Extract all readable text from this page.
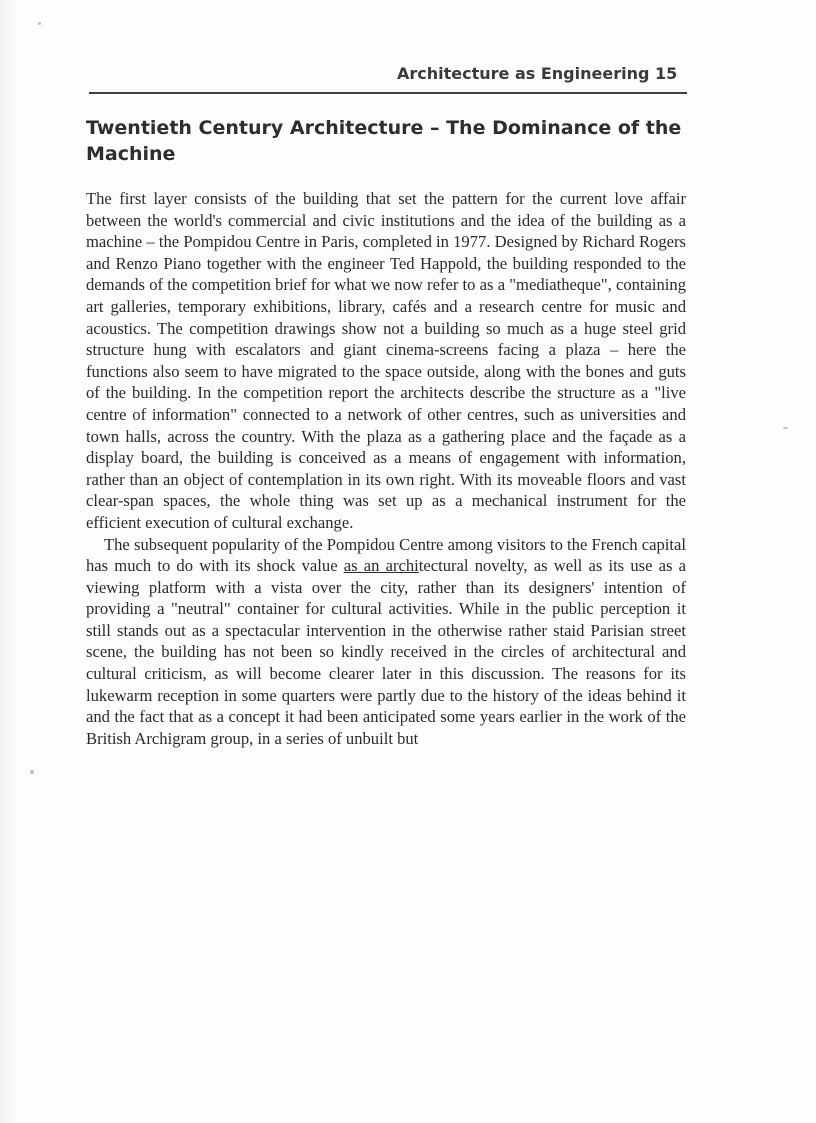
Architecture as Engineering 15
Twentieth Century Architecture – The Dominance of the Machine

The first layer consists of the building that set the pattern for the current love affair between the world's commercial and civic institutions and the idea of the building as a machine – the Pompidou Centre in Paris, completed in 1977. Designed by Richard Rogers and Renzo Piano together with the engineer Ted Happold, the building responded to the demands of the competition brief for what we now refer to as a "mediatheque", containing art galleries, temporary exhibitions, library, cafés and a research centre for music and acoustics. The competition drawings show not a building so much as a huge steel grid structure hung with escalators and giant cinema-screens facing a plaza – here the functions also seem to have migrated to the space outside, along with the bones and guts of the building. In the competition report the architects describe the structure as a "live centre of information" connected to a network of other centres, such as universities and town halls, across the country. With the plaza as a gathering place and the façade as a display board, the building is conceived as a means of engagement with information, rather than an object of contemplation in its own right. With its moveable floors and vast clear-span spaces, the whole thing was set up as a mechanical instrument for the
efficient execution of cultural exchange.

The subsequent popularity of the Pompidou Centre among visitors to the French capital has much to do with its shock value as an architectural novelty, as well as its use as a viewing platform with a vista over the city, rather than its designers' intention of providing a "neutral" container for cultural activities. While in the public perception it still stands out as a spectacular intervention in the otherwise rather staid Parisian street scene, the building has not been so kindly received in the circles of architectural and cultural criticism, as will become clearer later in this discussion. The reasons for its lukewarm reception in some quarters were partly due to the history of the ideas behind it and the fact that as a concept it had been anticipated some years earlier in the work of the British Archigram group, in a series of unbuilt but
